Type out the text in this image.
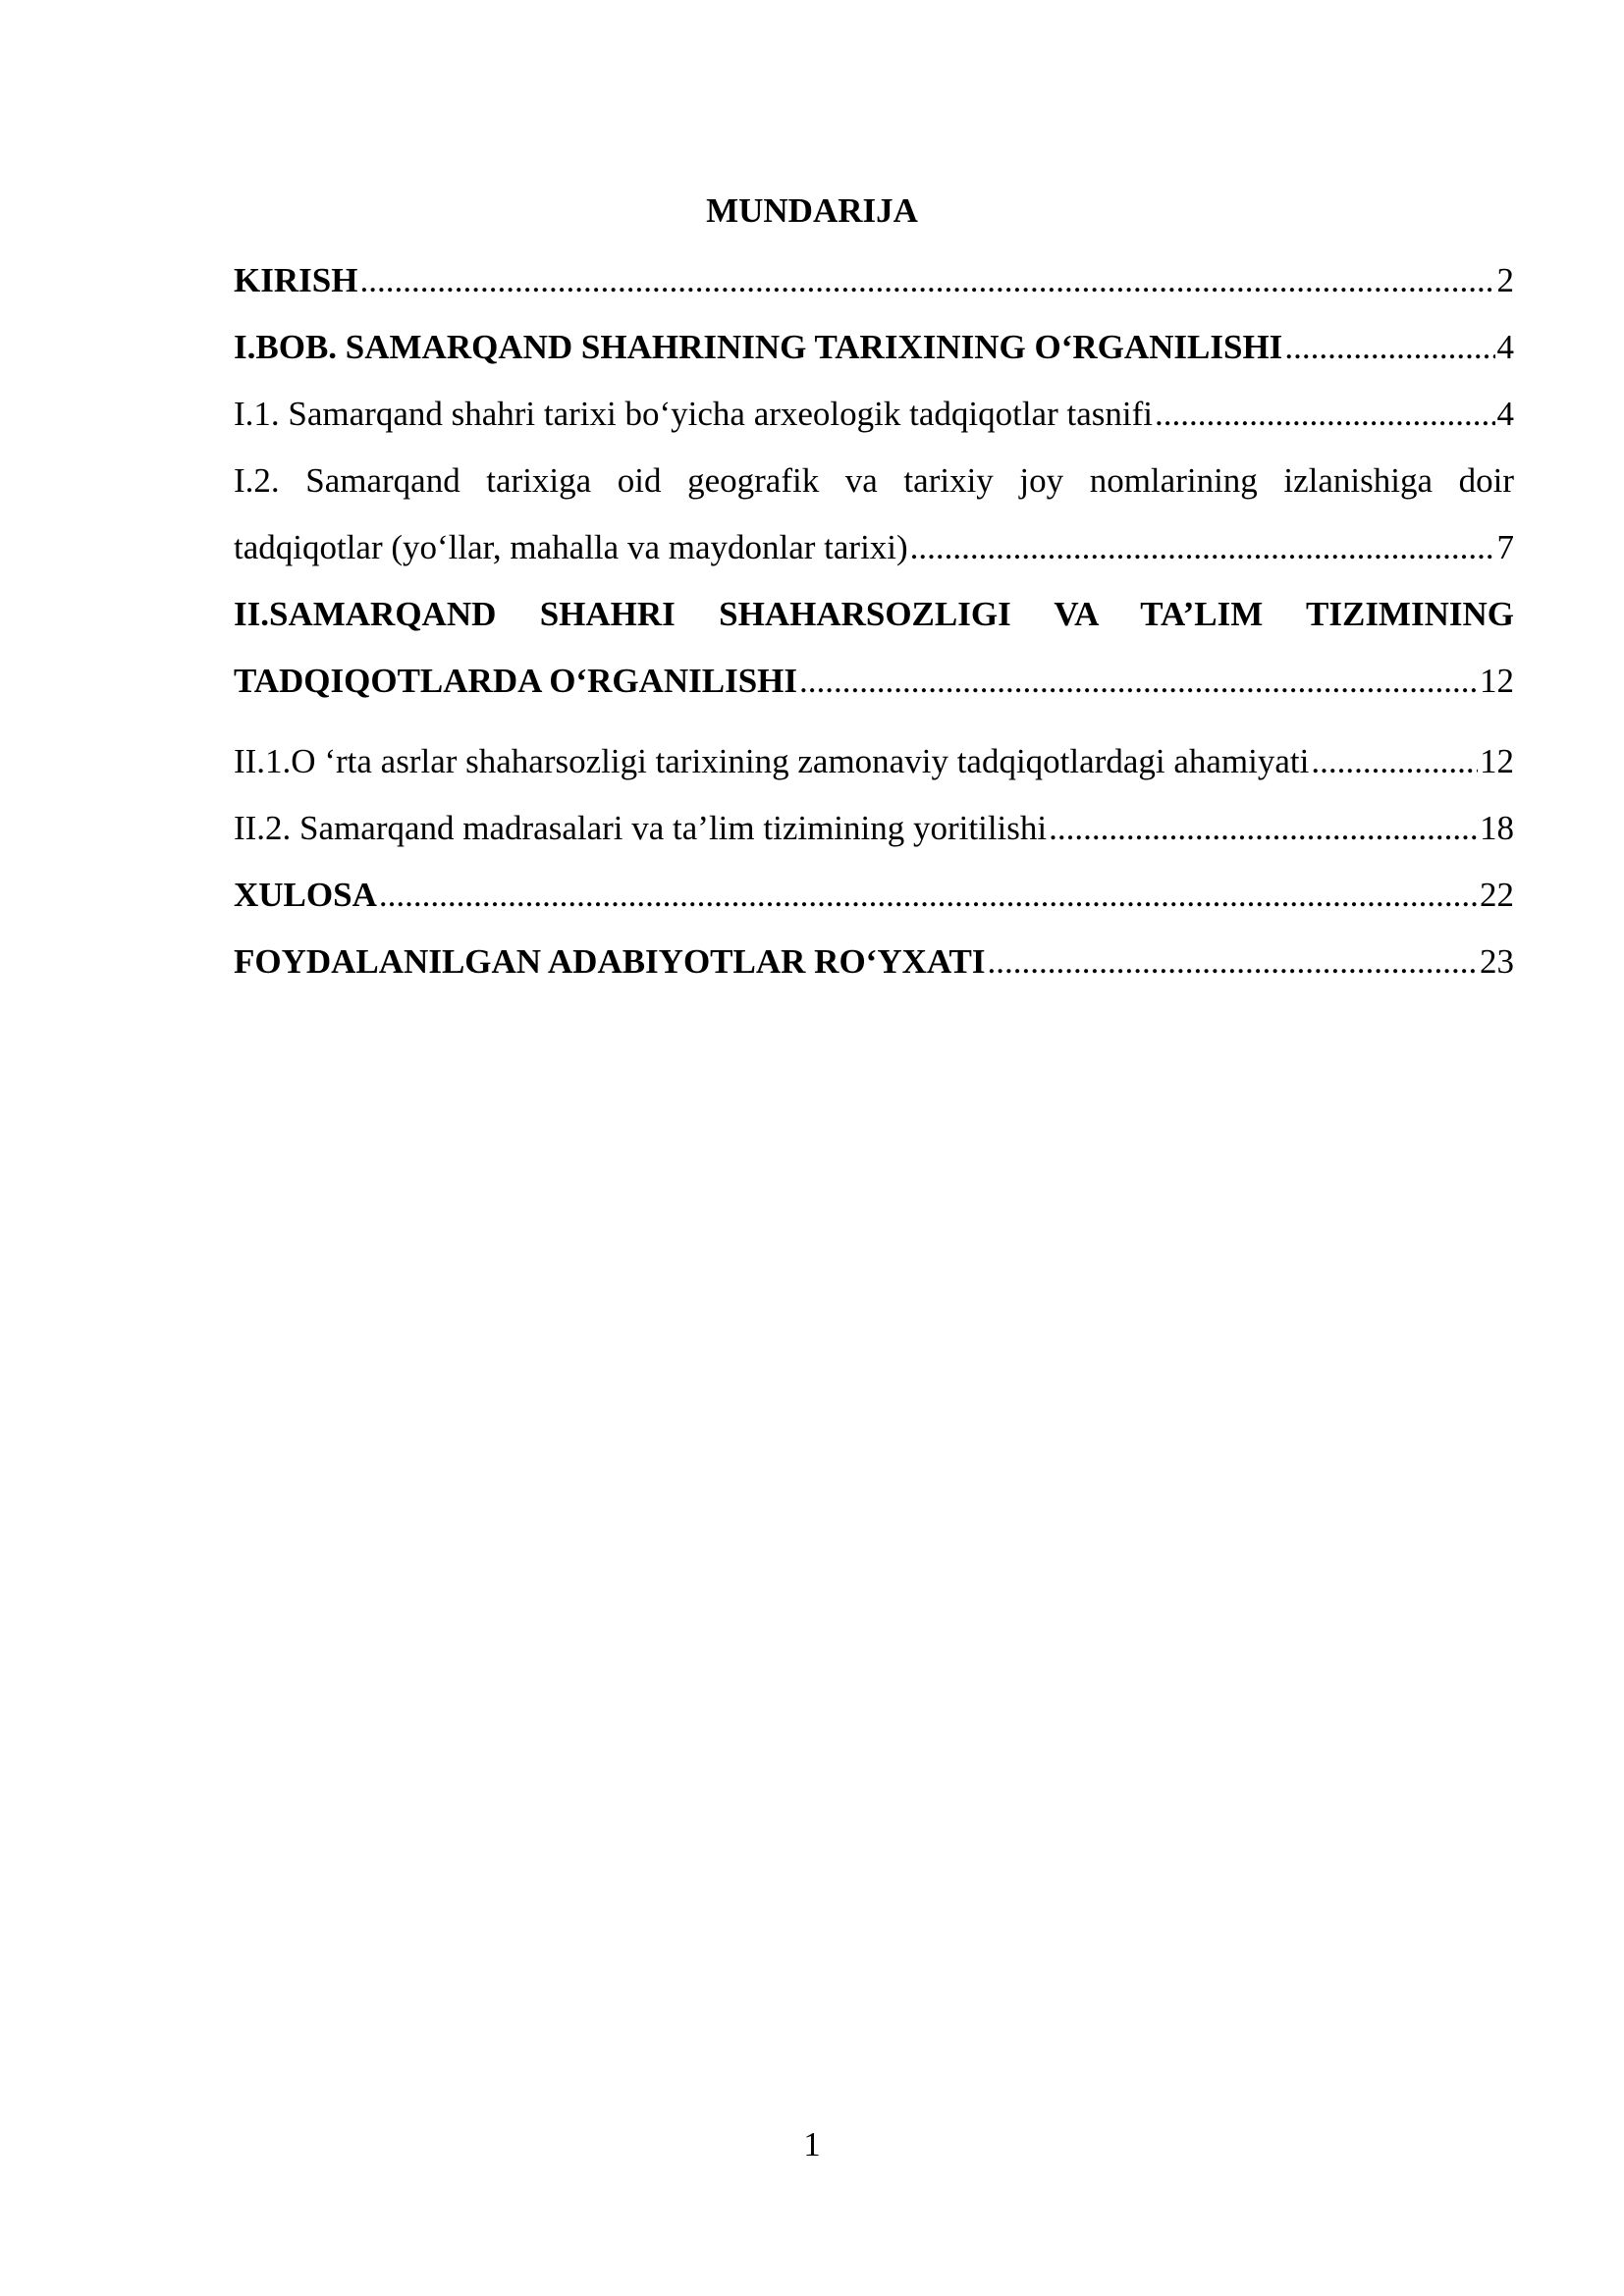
MUNDARIJA
KIRISH .....	2
I.BOB. SAMARQAND SHAHRINING TARIXINING O‘RGANILISHI .....	4
I.1. Samarqand shahri tarixi bo‘yicha arxeologik tadqiqotlar tasnifi .....	4
I.2. Samarqand tarixiga oid geografik va tarixiy joy nomlarining izlanishiga doir
tadqiqotlar (yo‘llar, mahalla va maydonlar tarixi) .....	7
II.SAMARQAND SHAHRI SHAHARSOZLIGI VA TA’LIM TIZIMINING
TADQIQOTLARDA O‘RGANILISHI .....	12
II.1.O ‘rta asrlar shaharsozligi tarixining zamonaviy tadqiqotlardagi ahamiyati .....	12
II.2. Samarqand madrasalari va ta’lim tizimining yoritilishi .....	18
XULOSA .....	22
FOYDALANILGAN ADABIYOTLAR RO‘YXATI .....	23
1
